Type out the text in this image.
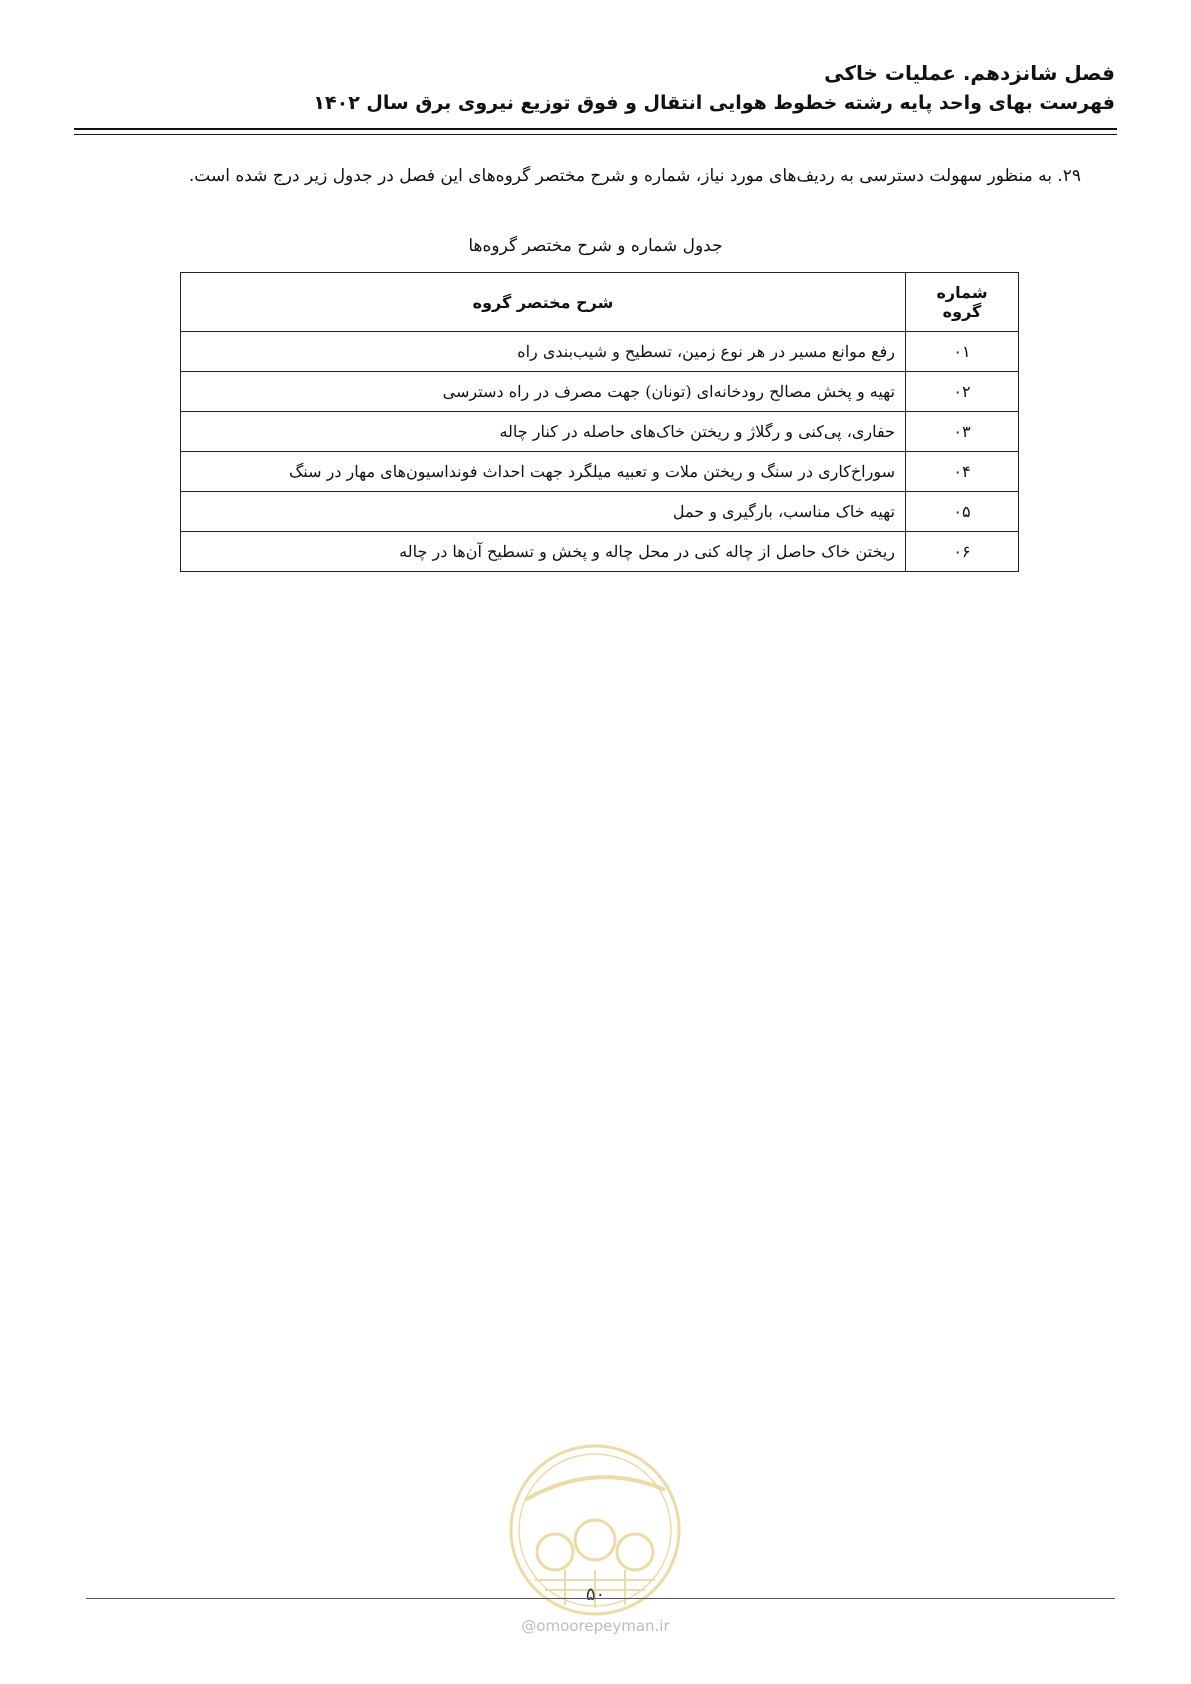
فصل شانزدهم. عملیات خاکی
فهرست بهای واحد پایه رشته خطوط هوایی انتقال و فوق توزیع نیروی برق سال ۱۴۰۲
۲۹. به منظور سهولت دسترسی به ردیف‌های مورد نیاز، شماره و شرح مختصر گروه‌های این فصل در جدول زیر درج شده است.
جدول شماره و شرح مختصر گروه‌ها
شماره گروه	شرح مختصر گروه
۰۱	رفع موانع مسیر در هر نوع زمین، تسطیح و شیب‌بندی راه
۰۲	تهیه و پخش مصالح رودخانه‌ای (تونان) جهت مصرف در راه دسترسی
۰۳	حفاری، پی‌کنی و رگلاژ و ریختن خاک‌های حاصله در کنار چاله
۰۴	سوراخ‌کاری در سنگ و ریختن ملات و تعبیه میلگرد جهت احداث فونداسیون‌های مهار در سنگ
۰۵	تهیه خاک مناسب، بارگیری و حمل
۰۶	ریختن خاک حاصل از چاله کنی در محل چاله و پخش و تسطیح آن‌ها در چاله
۵۰
@omoorepeyman.ir
